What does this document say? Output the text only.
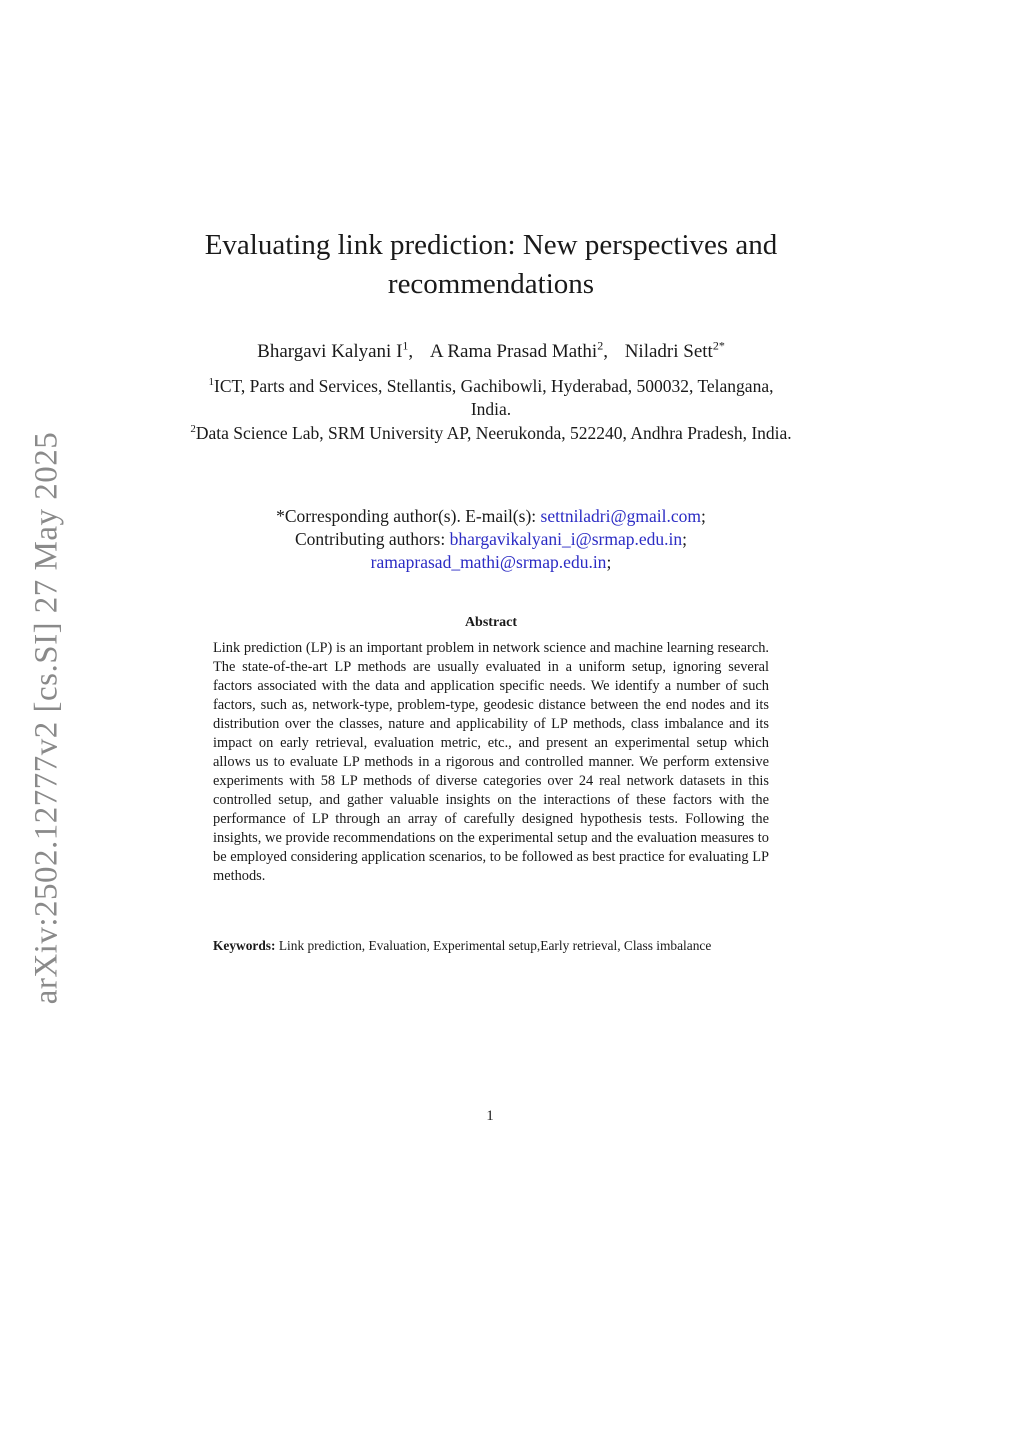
arXiv:2502.12777v2 [cs.SI] 27 May 2025
Evaluating link prediction: New perspectives and recommendations
Bhargavi Kalyani $I^1$, A Rama Prasad Mathi$^2$, Niladri Sett$^{2*}$
$^1$ICT, Parts and Services, Stellantis, Gachibowli, Hyderabad, 500032, Telangana, India.
$^2$Data Science Lab, SRM University AP, Neerukonda, 522240, Andhra Pradesh, India.
*Corresponding author(s). E-mail(s): settniladri@gmail.com;
Contributing authors: bhargavikalyani_i@srmap.edu.in;
ramaprasad_mathi@srmap.edu.in;
Abstract
Link prediction (LP) is an important problem in network science and machine learning research. The state-of-the-art LP methods are usually evaluated in a uniform setup, ignoring several factors associated with the data and application specific needs. We identify a number of such factors, such as, network-type, problem-type, geodesic distance between the end nodes and its distribution over the classes, nature and applicability of LP methods, class imbalance and its impact on early retrieval, evaluation metric, etc., and present an experimental setup which allows us to evaluate LP methods in a rigorous and controlled manner. We perform extensive experiments with 58 LP methods of diverse categories over 24 real network datasets in this controlled setup, and gather valuable insights on the interactions of these factors with the performance of LP through an array of carefully designed hypothesis tests. Following the insights, we provide recommendations on the experimental setup and the evaluation measures to be employed considering application scenarios, to be followed as best practice for evaluating LP methods.
Keywords: Link prediction, Evaluation, Experimental setup,Early retrieval, Class imbalance
1
